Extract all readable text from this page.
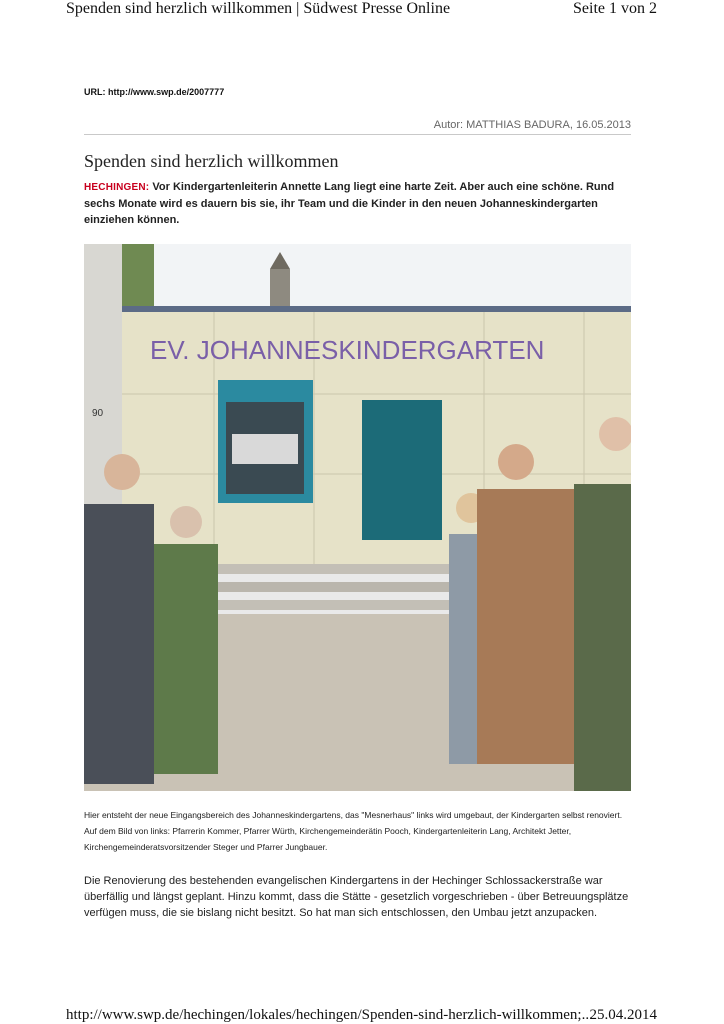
Spenden sind herzlich willkommen | Südwest Presse Online	Seite 1 von 2
URL: http://www.swp.de/2007777
Autor: MATTHIAS BADURA, 16.05.2013
Spenden sind herzlich willkommen
HECHINGEN: Vor Kindergartenleiterin Annette Lang liegt eine harte Zeit. Aber auch eine schöne. Rund sechs Monate wird es dauern bis sie, ihr Team und die Kinder in den neuen Johanneskindergarten einziehen können.
EV. JOHANNESKINDERGARTEN
90
Hier entsteht der neue Eingangsbereich des Johanneskindergartens, das "Mesnerhaus" links wird umgebaut, der Kindergarten selbst renoviert. Auf dem Bild von links: Pfarrerin Kommer, Pfarrer Würth, Kirchengemeinderätin Pooch, Kindergartenleiterin Lang, Architekt Jetter, Kirchengemeinderatsvorsitzender Steger und Pfarrer Jungbauer.
Die Renovierung des bestehenden evangelischen Kindergartens in der Hechinger Schlossackerstraße war überfällig und längst geplant. Hinzu kommt, dass die Stätte - gesetzlich vorgeschrieben - über Betreuungsplätze verfügen muss, die sie bislang nicht besitzt. So hat man sich entschlossen, den Umbau jetzt anzupacken.
http://www.swp.de/hechingen/lokales/hechingen/Spenden-sind-herzlich-willkommen;...
25.04.2014
